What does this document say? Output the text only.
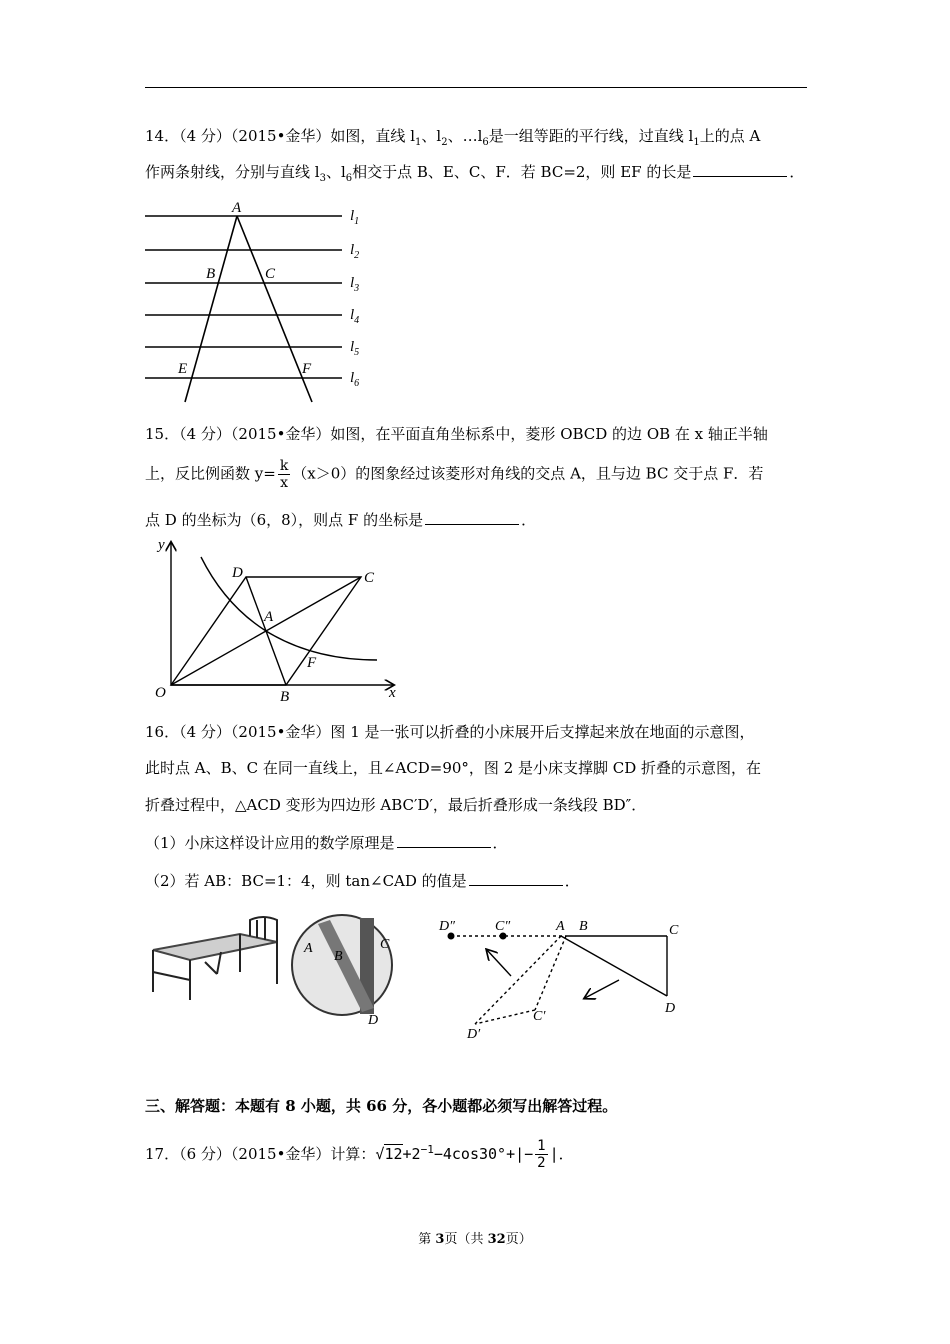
14．（4 分）（2015•金华）如图，直线 $l_1$、$l_2$、$\dots l_6$是一组等距的平行线，过直线 $l_1$上的点 A
作两条射线，分别与直线 $l_3$、$l_6$相交于点 B、E、C、F．若 BC=2，则 EF 的长是	．
A
B	C
E	F
$l_1$
$l_2$
$l_3$
$l_4$
$l_5$
$l_6$
15．（4 分）（2015•金华）如图，在平面直角坐标系中，菱形 OBCD 的边 OB 在 x 轴正半轴
上，反比例函数 $y= \frac{k}{x} (x>0)$的图象经过该菱形对角线的交点 A，且与边 BC 交于点 F．若
点 D 的坐标为（6，8），则点 F 的坐标是	．
y
x
O	B
C
D
A
F
16．（4 分）（2015•金华）图 1 是一张可以折叠的小床展开后支撑起来放在地面的示意图，
此时点 A、B、C 在同一直线上，且∠ACD=90°，图 2 是小床支撑脚 CD 折叠的示意图，在
折叠过程中，△ACD 变形为四边形 ABC′D′，最后折叠形成一条线段 BD″．
（1）小床这样设计应用的数学原理是	．
（2）若 AB：BC=1：4，则 tan∠CAD 的值是	．
A
B
C
D
D″	C″	A B	C
D
D′
C′
三、解答题：本题有 8 小题，共 66 分，各小题都必须写出解答过程。
17．（6 分）（2015•金华）计算：$√12+2^{-1}-4\cos 30^\circ+|- \frac{1}{2}$ |．
第 3页（共 32页）
